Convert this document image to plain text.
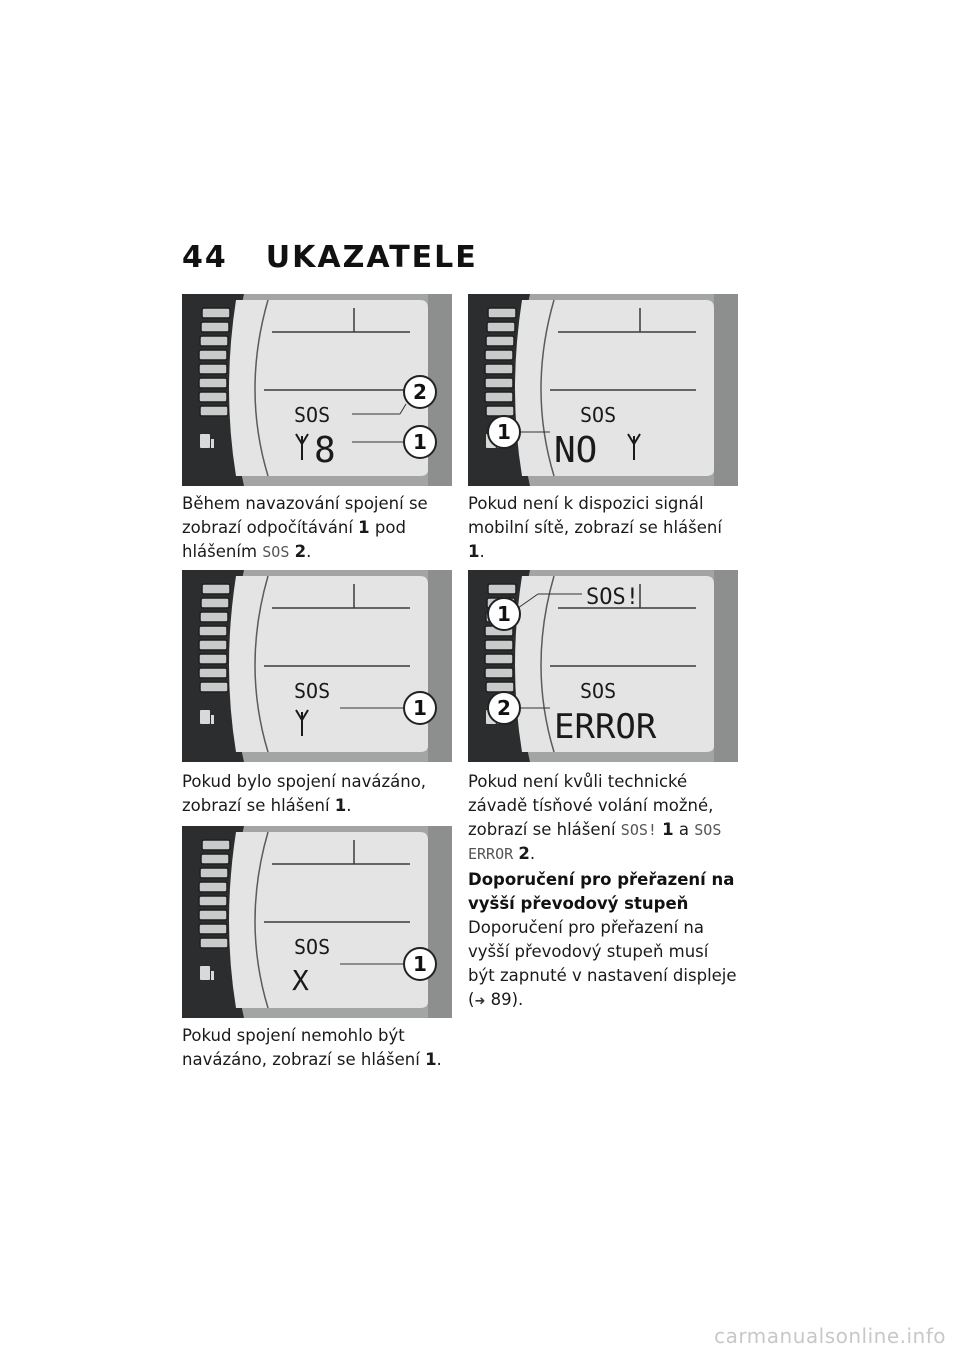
44 UKAZATELE
SOS
8
2
1
SOS
NO
1
SOS
1
SOS!
SOS
ERROR
1
2
SOS
X	1
Během navazování spojení se zobrazí odpočítávání 1 pod hlášením SOS 2.
Pokud není k dispozici signál mobilní sítě, zobrazí se hlášení 1.
Pokud bylo spojení navázáno, zobrazí se hlášení 1.
Pokud není kvůli technické závadě tísňové volání možné, zobrazí se hlášení SOS! 1 a SOS ERROR 2.
Pokud spojení nemohlo být navázáno, zobrazí se hlášení 1.
Doporučení pro přeřazení na vyšší převodový stupeň
Doporučení pro přeřazení na vyšší převodový stupeň musí být zapnuté v nastavení displeje (➜ 89).
carmanualsonline.info
